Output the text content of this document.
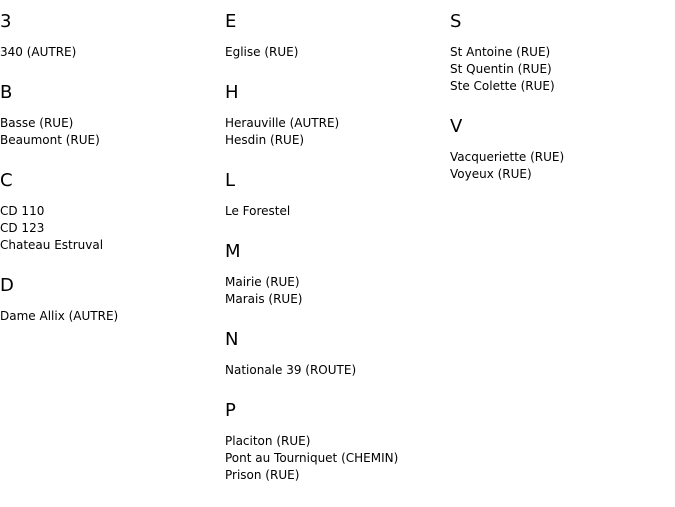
3
340 (AUTRE)
B
Basse (RUE)
Beaumont (RUE)
C
CD 110
CD 123
Chateau Estruval
D
Dame Allix (AUTRE)
E
Eglise (RUE)
H
Herauville (AUTRE)
Hesdin (RUE)
L
Le Forestel
M
Mairie (RUE)
Marais (RUE)
N
Nationale 39 (ROUTE)
P
Placiton (RUE)
Pont au Tourniquet (CHEMIN)
Prison (RUE)
S
St Antoine (RUE)
St Quentin (RUE)
Ste Colette (RUE)
V
Vacqueriette (RUE)
Voyeux (RUE)
